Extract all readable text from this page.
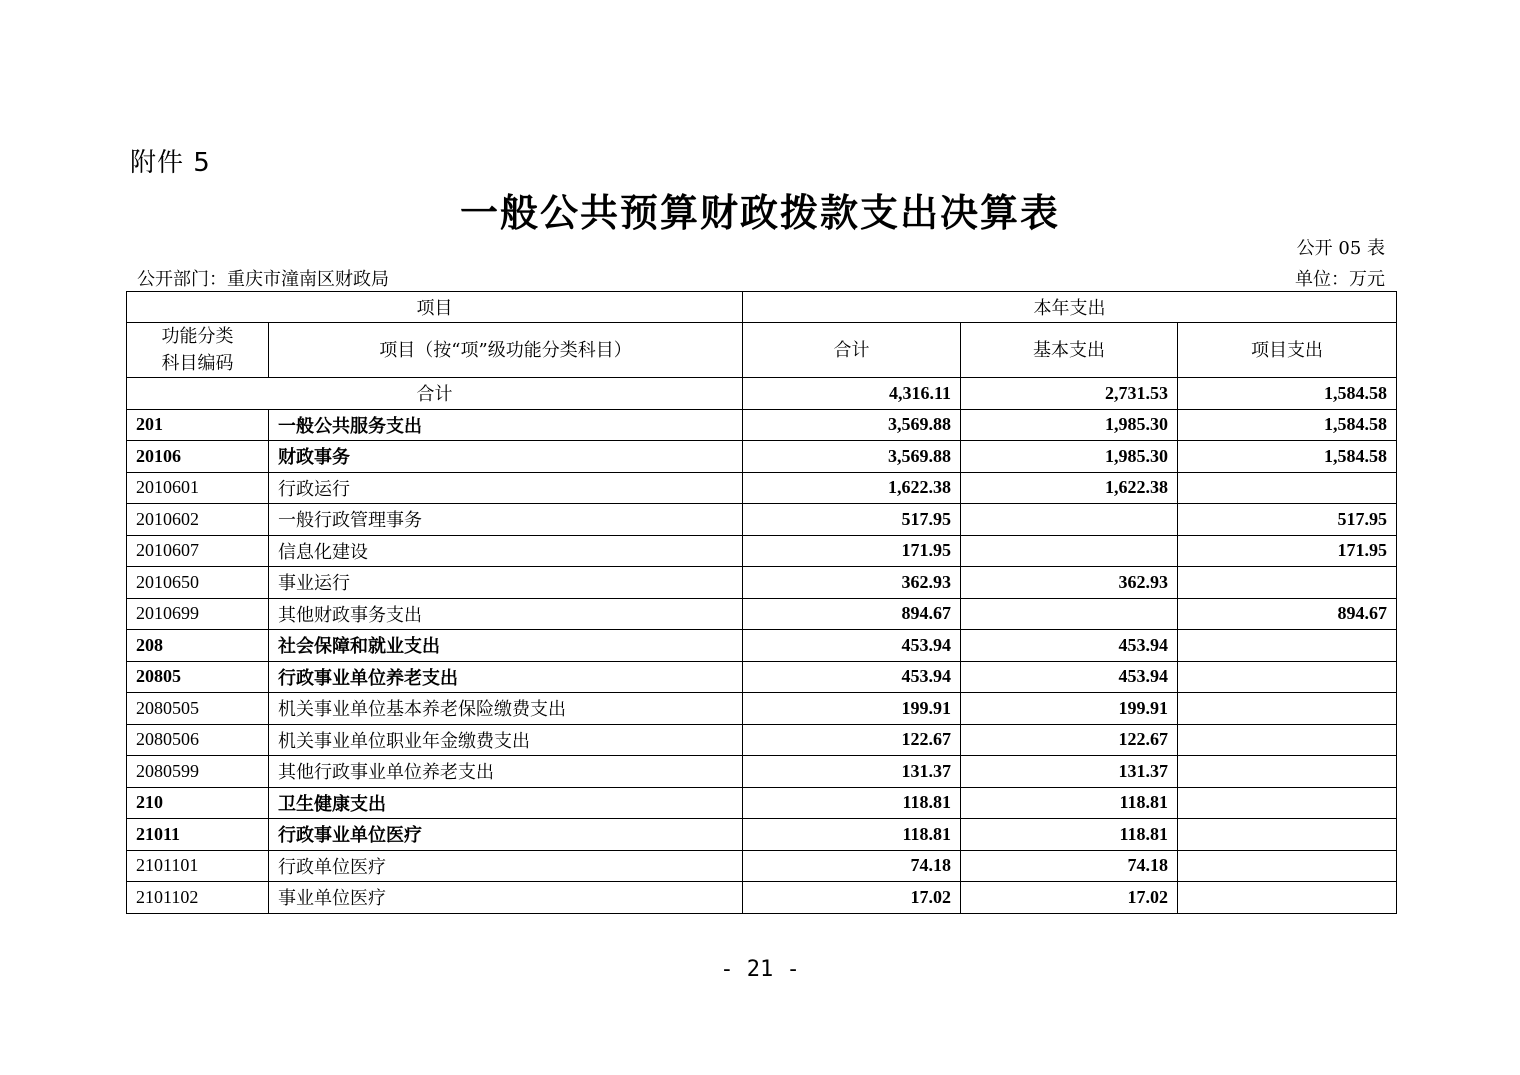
附件 5
一般公共预算财政拨款支出决算表
公开 05 表
公开部门：重庆市潼南区财政局	单位：万元
项目		本年支出		
功能分类
科目编码	项目（按“项”级功能分类科目）	合计	基本支出	项目支出
合计		4,316.11	2,731.53	1,584.58
201	一般公共服务支出	3,569.88	1,985.30	1,584.58
20106	财政事务	3,569.88	1,985.30	1,584.58
2010601	行政运行	1,622.38	1,622.38	
2010602	一般行政管理事务	517.95		517.95
2010607	信息化建设	171.95		171.95
2010650	事业运行	362.93	362.93	
2010699	其他财政事务支出	894.67		894.67
208	社会保障和就业支出	453.94	453.94	
20805	行政事业单位养老支出	453.94	453.94	
2080505	机关事业单位基本养老保险缴费支出	199.91	199.91	
2080506	机关事业单位职业年金缴费支出	122.67	122.67	
2080599	其他行政事业单位养老支出	131.37	131.37	
210	卫生健康支出	118.81	118.81	
21011	行政事业单位医疗	118.81	118.81	
2101101	行政单位医疗	74.18	74.18	
2101102	事业单位医疗	17.02	17.02	
- 21 -
